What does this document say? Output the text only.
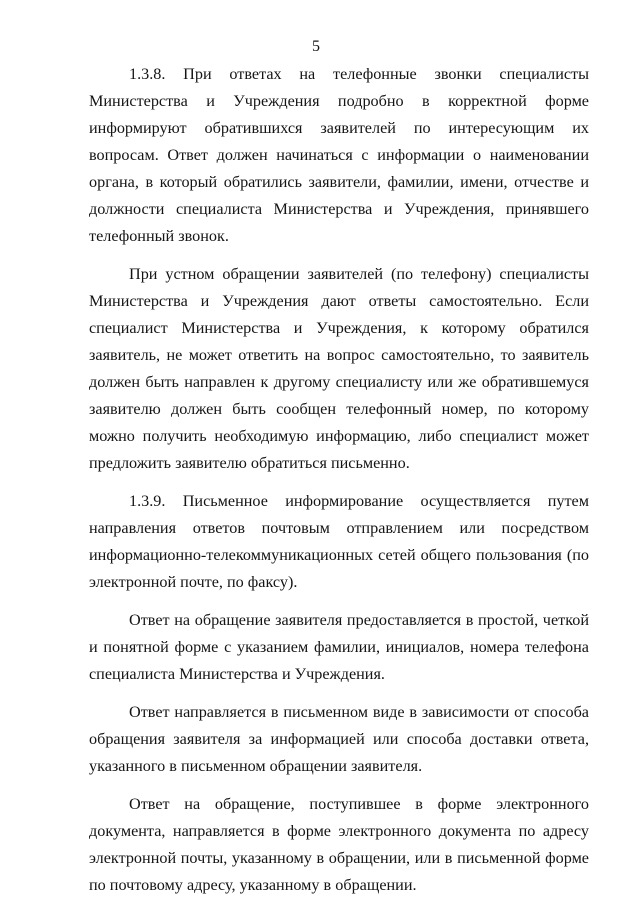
5

1.3.8. При ответах на телефонные звонки специалисты Министерства и Учреждения подробно в корректной форме информируют обратившихся заявителей по интересующим их вопросам. Ответ должен начинаться с информации о наименовании органа, в который обратились заявители, фамилии, имени, отчестве и должности специалиста Министерства и Учреждения, принявшего телефонный звонок.

При устном обращении заявителей (по телефону) специалисты Министерства и Учреждения дают ответы самостоятельно. Если специалист Министерства и Учреждения, к которому обратился заявитель, не может ответить на вопрос самостоятельно, то заявитель должен быть направлен к другому специалисту или же обратившемуся заявителю должен быть сообщен телефонный номер, по которому можно получить необходимую информацию, либо специалист может предложить заявителю обратиться письменно.

1.3.9. Письменное информирование осуществляется путем направления ответов почтовым отправлением или посредством информационно-телекоммуникационных сетей общего пользования (по электронной почте, по факсу).

Ответ на обращение заявителя предоставляется в простой, четкой и понятной форме с указанием фамилии, инициалов, номера телефона специалиста Министерства и Учреждения.

Ответ направляется в письменном виде в зависимости от способа обращения заявителя за информацией или способа доставки ответа, указанного в письменном обращении заявителя.

Ответ на обращение, поступившее в форме электронного документа, направляется в форме электронного документа по адресу электронной почты, указанному в обращении, или в письменной форме по почтовому адресу, указанному в обращении.
